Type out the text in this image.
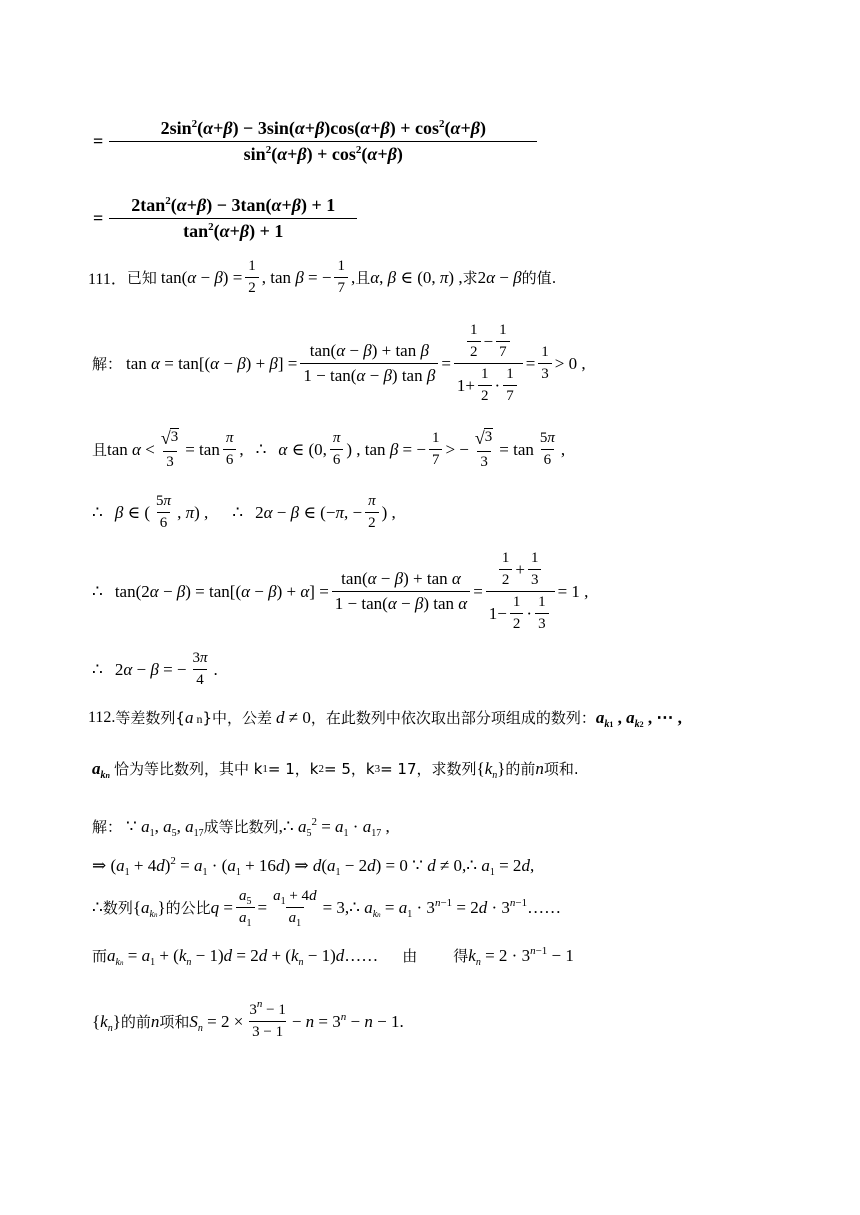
= $\frac{2\sin^2(\alpha+\beta) - 3\sin(\alpha+\beta)\cos(\alpha+\beta) + \cos^2(\alpha+\beta)}{\sin^2(\alpha+\beta) + \cos^2(\alpha+\beta)}$
= $\frac{2\tan^2(\alpha+\beta) - 3\tan(\alpha+\beta) + 1}{\tan^2(\alpha+\beta) + 1}$
111． 已知 $\tan(\alpha - \beta) = \frac{1}{2}$ , tan β = − $\frac{1}{7}$ , 且 α, β ∈ (0, π) , 求 2α − β 的值.
解： $\tan \alpha = \tan[(\alpha - \beta) + \beta] = \frac{\text{tan(α − β) + tan β}}{\text{1 − tan(α − β) tan β}} = \frac{\frac{1}{2} - \frac{1}{7}}{1+ \frac{1}{2} \cdot \frac{1}{7}} = \frac{1}{3} > 0$ ,
且 $\tan \alpha < \frac{√ 3}{3} = \tan \frac{\pi}{6}$ , ∴ α ∈ (0, $\frac{\pi}{6}$ ) , tan β = − $\frac{1}{7}$ > − $\frac{√ 3}{3} = \tan \frac{5\pi}{6}$ ,
∴ β ∈ ( $\frac{5\pi}{6}$ , π) , ∴ 2α − β ∈ (−π, − $\frac{\pi}{2}$ ) ,
∴ $\tan(2\alpha - \beta) = \tan[(\alpha - \beta) + \alpha] = \frac{\text{tan(α − β) + tan α}}{\text{1 − tan(α − β) tan α}} = \frac{\frac{1}{2} + \frac{1}{3}}{1- \frac{1}{2} \cdot \frac{1}{3}} = 1$ ,
∴ 2α − β = − $\frac{3\pi}{4}$ .
112. 等差数列{ a n }中，公差 d ≠ 0 ，在此数列中依次取出部分项组成的数列： $a_{k1}$ , $a_{k2}$ , ⋯ ,
$a_{kn}$ 恰为等比数列，其中 k 1 = 1，k 2 = 5，k 3 = 17，求数列 $\{k_n\}$ 的前 n 项和.
解： ∵ $a_1$, $a_5$, $a_{17}$ 成等比数列 ,∴ $a_5^2 = a_1 \cdot a_{17}$ ,
⇒ $(a_1 + 4d)^2 = a_1 \cdot (a_1 + 16d)$ ⇒ $d(a_1 - 2d) = 0$ ∵ d ≠ 0,∴ $a_1 = 2d$,
∴ 数列 $\{a_{kn}\}$ 的公比 $q = \frac{a_5}{a_1} = \frac{a_1 + 4d}{a_1}$ = 3,∴ $a_{kn} = a_1 \cdot 3^{n-1} = 2d \cdot 3^{n-1}$ ……
而 $a_{kn} = a_1 + (k_n - 1)d = 2d + (k_n - 1)d$ …… 由 得 $k_n = 2 \cdot 3^{n-1} - 1$
$\{k_n\}$ 的前 n 项和 $S_n = 2 \times \frac{3^n - 1}{3 - 1} - n = 3^n - n - 1$.
